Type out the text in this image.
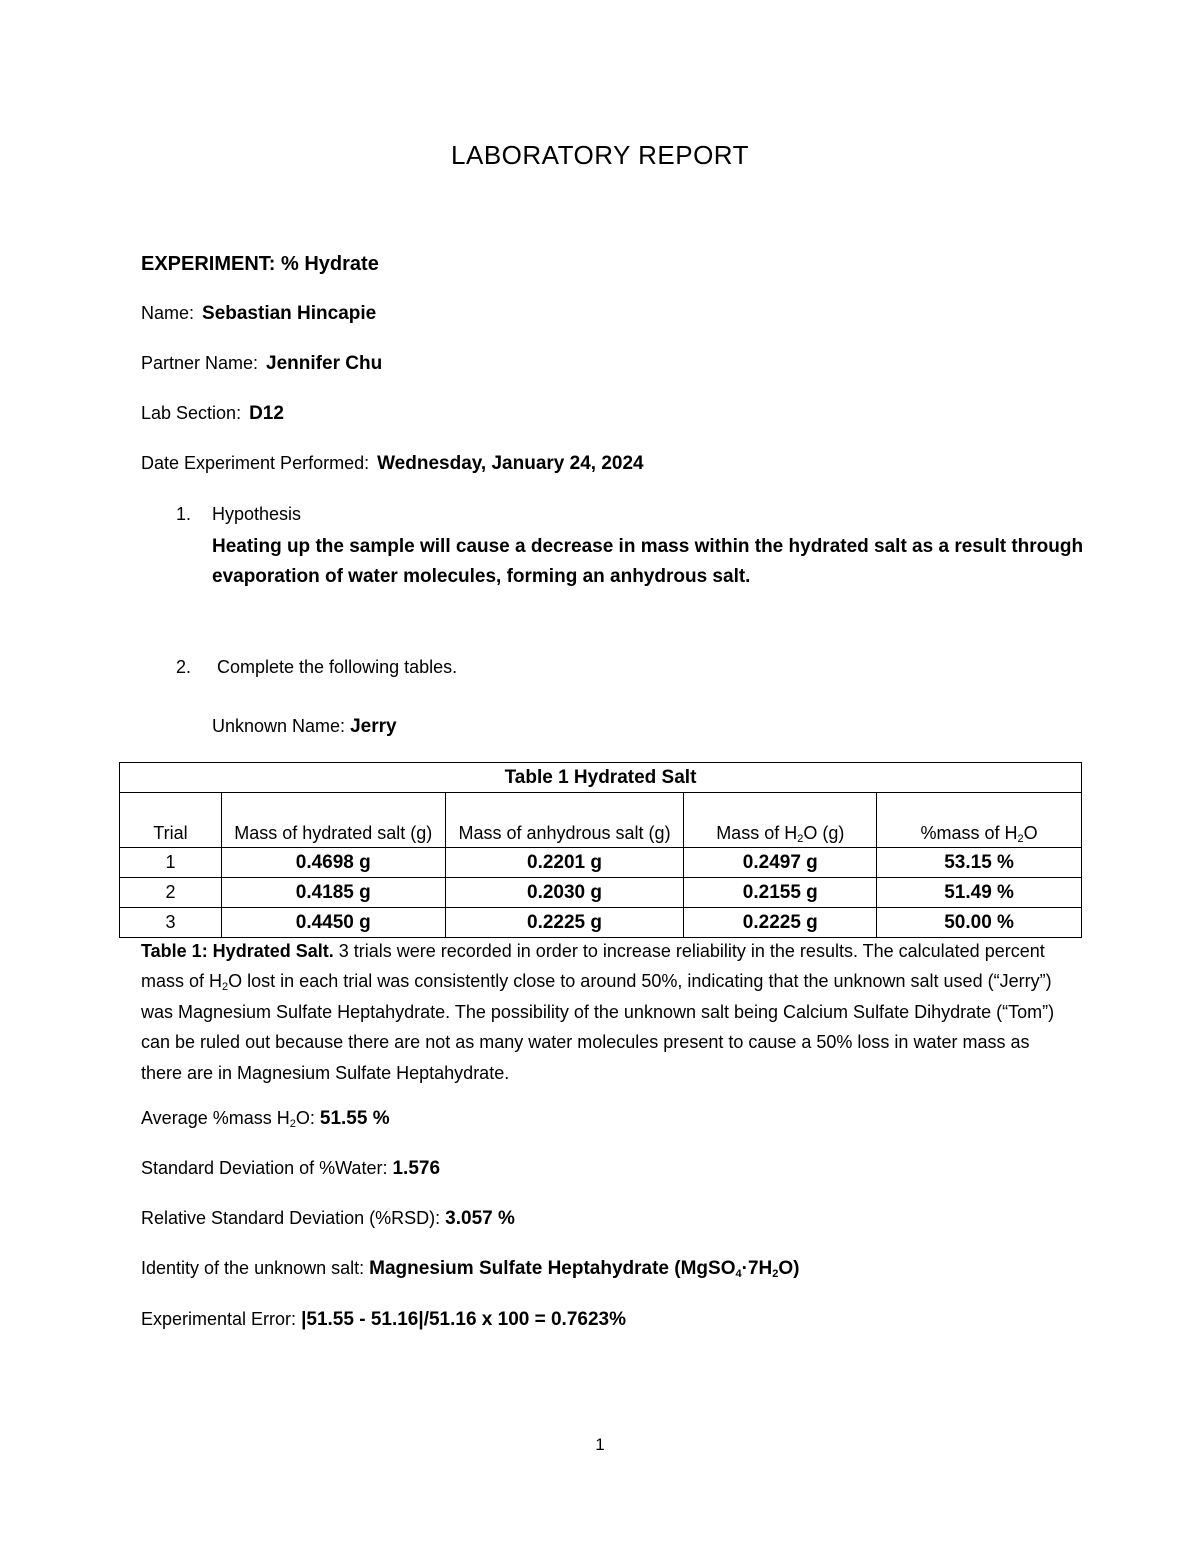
LABORATORY REPORT
EXPERIMENT: % Hydrate
Name: Sebastian Hincapie
Partner Name: Jennifer Chu
Lab Section: D12
Date Experiment Performed: Wednesday, January 24, 2024
1. Hypothesis
Heating up the sample will cause a decrease in mass within the hydrated salt as a result through evaporation of water molecules, forming an anhydrous salt.
2. Complete the following tables.
Unknown Name: Jerry
Table 1 Hydrated Salt				
Trial	Mass of hydrated salt (g)	Mass of anhydrous salt (g)	Mass of $H_2O$ (g)	%mass of $H_2O$
1	0.4698 g	0.2201 g	0.2497 g	53.15 %
2	0.4185 g	0.2030 g	0.2155 g	51.49 %
3	0.4450 g	0.2225 g	0.2225 g	50.00 %
Table 1: Hydrated Salt. 3 trials were recorded in order to increase reliability in the results. The calculated percent mass of $H_2O$ lost in each trial was consistently close to around 50%, indicating that the unknown salt used (“Jerry”) was Magnesium Sulfate Heptahydrate. The possibility of the unknown salt being Calcium Sulfate Dihydrate (“Tom”) can be ruled out because there are not as many water molecules present to cause a 50% loss in water mass as there are in Magnesium Sulfate Heptahydrate.
Average %mass $H_2O$: 51.55 %
Standard Deviation of %Water: 1.576
Relative Standard Deviation (%RSD): 3.057 %
Identity of the unknown salt: Magnesium Sulfate Heptahydrate $(MgSO_4\cdot 7H_2O)$
Experimental Error: |51.55 - 51.16|/51.16 x 100 = 0.7623%
1
